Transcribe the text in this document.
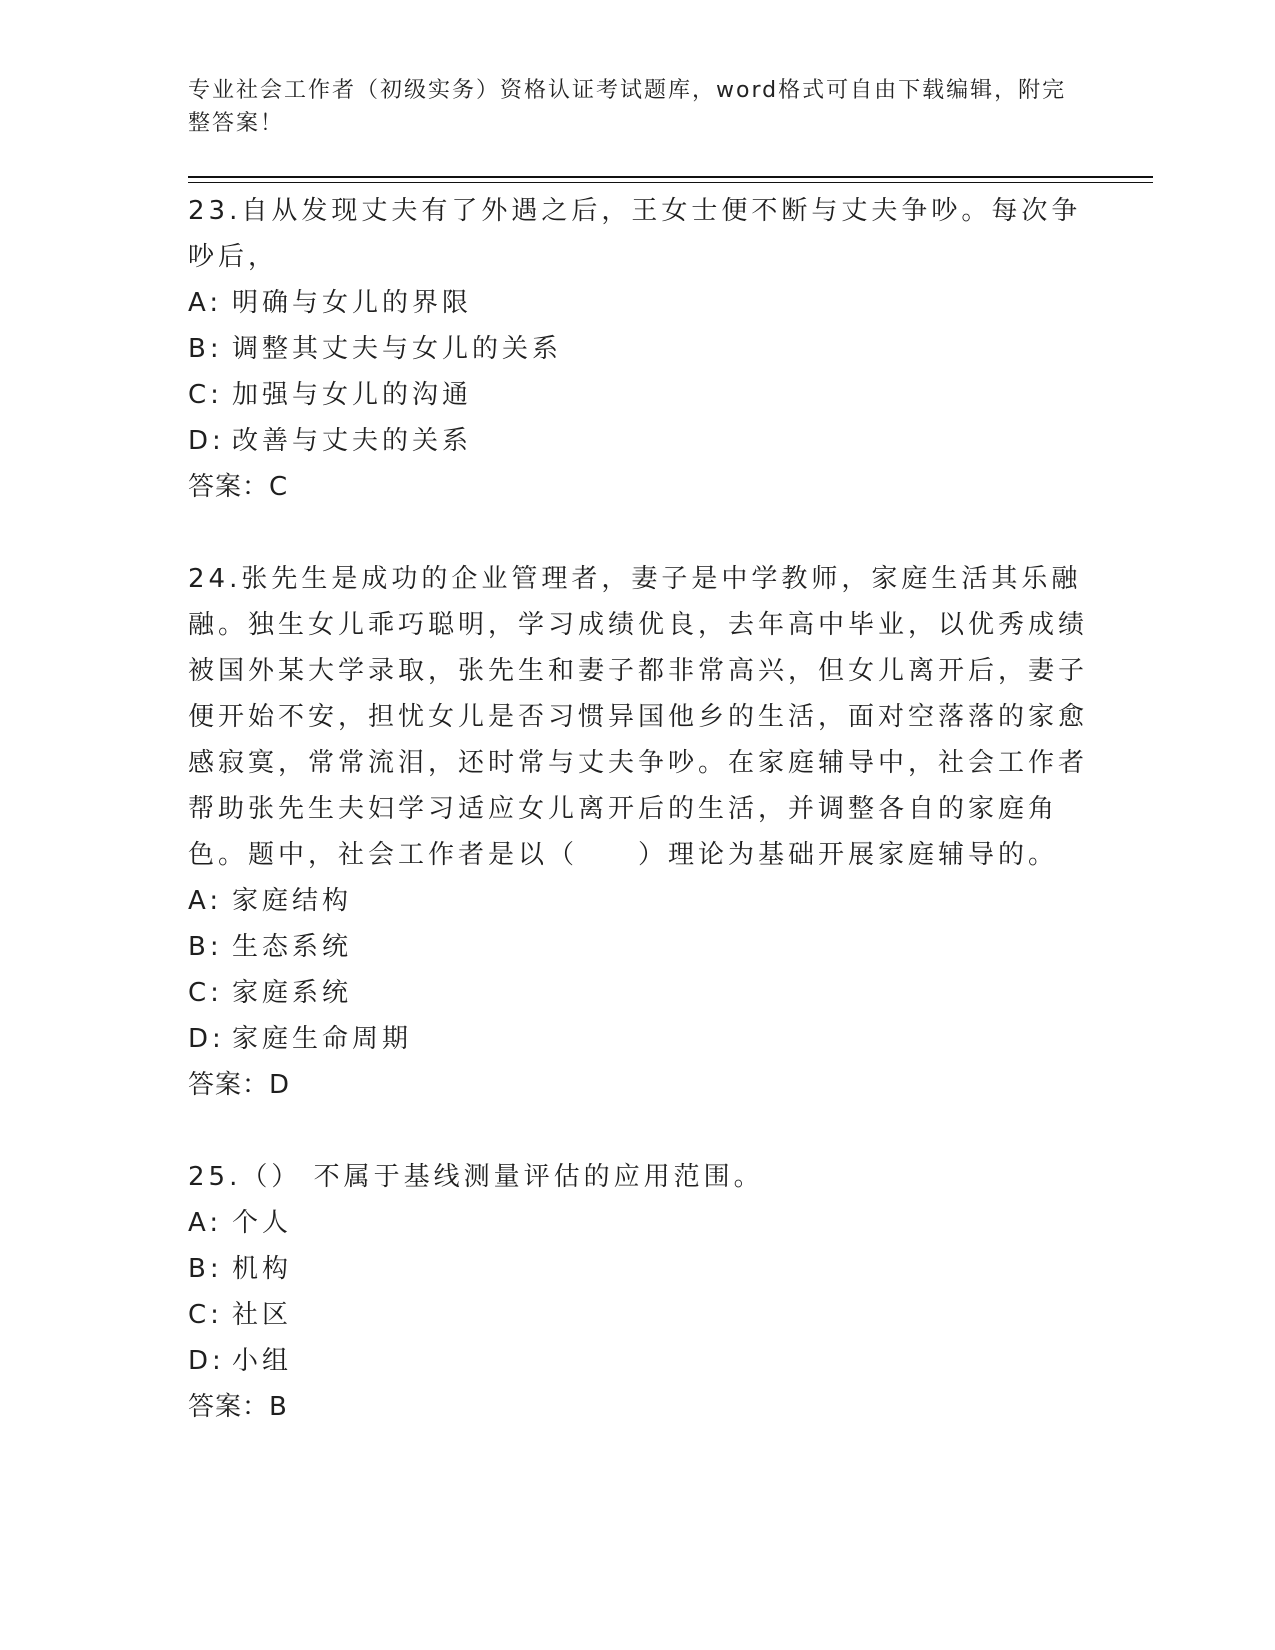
专业社会工作者（初级实务）资格认证考试题库，word格式可自由下载编辑，附完整答案！

23.自从发现丈夫有了外遇之后，王女士便不断与丈夫争吵。每次争吵后，

A: 明确与女儿的界限

B: 调整其丈夫与女儿的关系

C: 加强与女儿的沟通

D: 改善与丈夫的关系

答案：C

24.张先生是成功的企业管理者，妻子是中学教师，家庭生活其乐融融。独生女儿乖巧聪明，学习成绩优良，去年高中毕业，以优秀成绩被国外某大学录取，张先生和妻子都非常高兴，但女儿离开后，妻子便开始不安，担忧女儿是否习惯异国他乡的生活，面对空落落的家愈感寂寞，常常流泪，还时常与丈夫争吵。在家庭辅导中，社会工作者帮助张先生夫妇学习适应女儿离开后的生活，并调整各自的家庭角色。题中，社会工作者是以（　　）理论为基础开展家庭辅导的。

A: 家庭结构

B: 生态系统

C: 家庭系统

D: 家庭生命周期

答案：D

25.（） 不属于基线测量评估的应用范围。

A: 个人

B: 机构

C: 社区

D: 小组

答案：B
